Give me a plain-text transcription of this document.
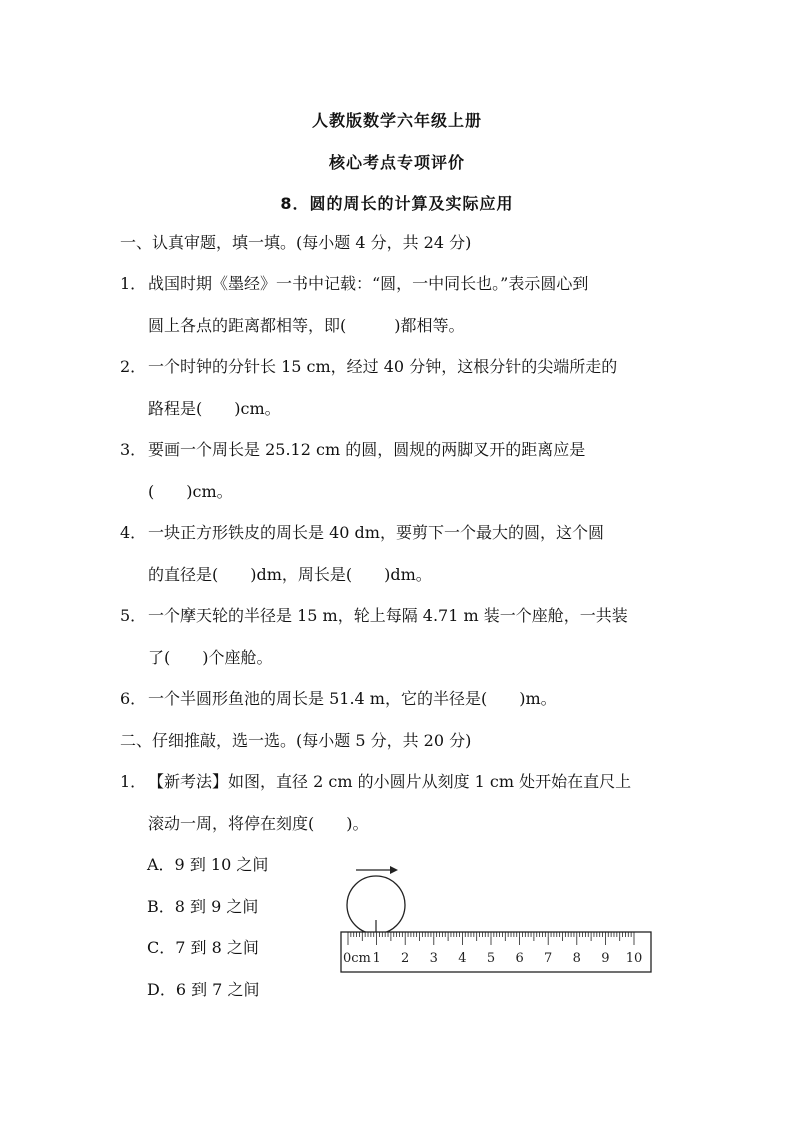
人教版数学六年级上册
核心考点专项评价
8．圆的周长的计算及实际应用
一、认真审题，填一填。(每小题 4 分，共 24 分)
1． 战国时期《墨经》一书中记载：“圆，一中同长也。”表示圆心到
圆上各点的距离都相等，即(　　　)都相等。
2． 一个时钟的分针长 15 cm，经过 40 分钟，这根分针的尖端所走的
路程是(　　)cm。
3． 要画一个周长是 25.12 cm 的圆，圆规的两脚叉开的距离应是
(　　)cm。
4． 一块正方形铁皮的周长是 40 dm，要剪下一个最大的圆，这个圆
的直径是(　　)dm，周长是(　　)dm。
5． 一个摩天轮的半径是 15 m，轮上每隔 4.71 m 装一个座舱，一共装
了(　　)个座舱。
6． 一个半圆形鱼池的周长是 51.4 m，它的半径是(　　)m。
二、仔细推敲，选一选。(每小题 5 分，共 20 分)
1． 【新考法】如图，直径 2 cm 的小圆片从刻度 1 cm 处开始在直尺上
滚动一周，将停在刻度(　　)。
A．9 到 10 之间
B．8 到 9 之间
C．7 到 8 之间
D．6 到 7 之间
0cm 1 2 3 4 5 6 7 8 9 10
